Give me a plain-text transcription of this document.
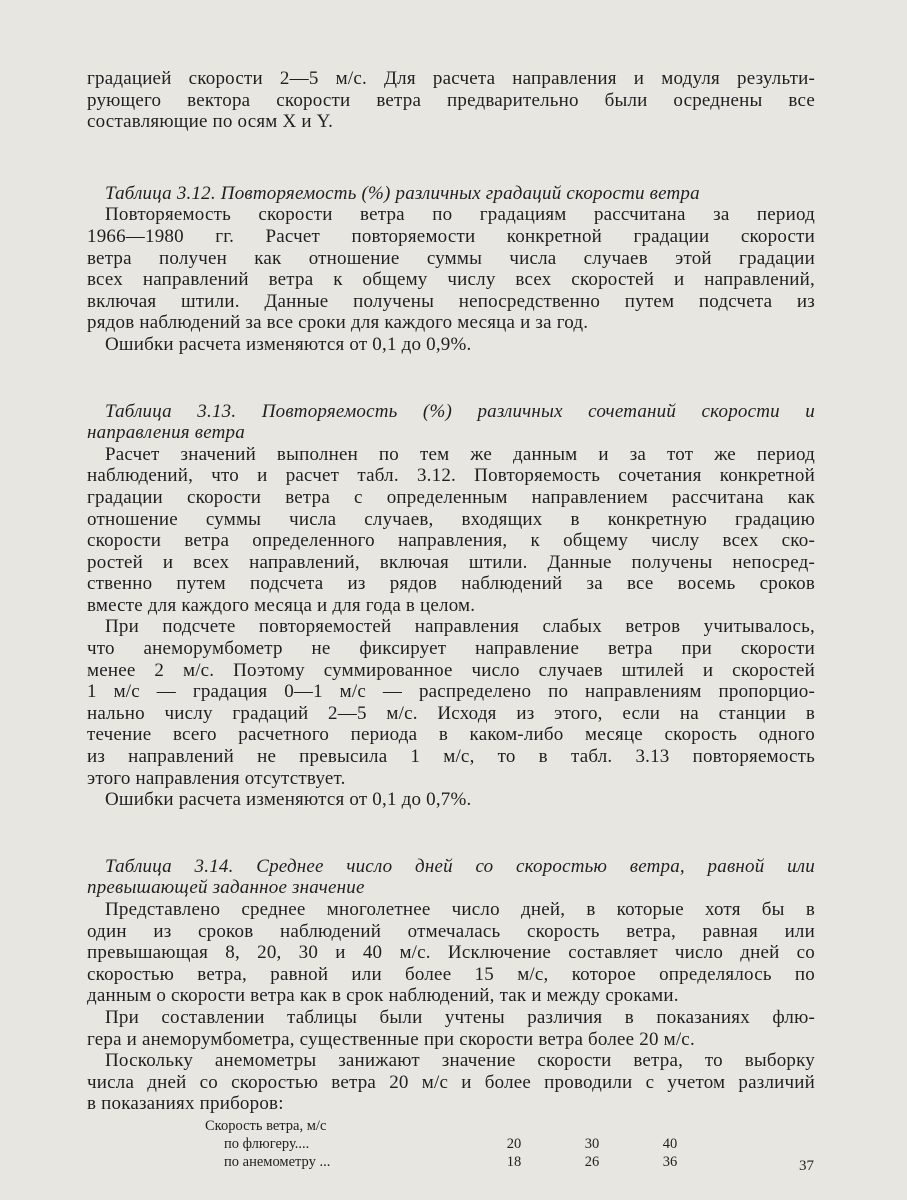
градацией скорости 2—5 м/с. Для расчета направления и модуля результи-
рующего вектора скорости ветра предварительно были осреднены все
составляющие по осям X и Y.
Таблица 3.12. Повторяемость (%) различных градаций скорости ветра
Повторяемость скорости ветра по градациям рассчитана за период
1966—1980 гг. Расчет повторяемости конкретной градации скорости
ветра получен как отношение суммы числа случаев этой градации
всех направлений ветра к общему числу всех скоростей и направлений,
включая штили. Данные получены непосредственно путем подсчета из
рядов наблюдений за все сроки для каждого месяца и за год.
Ошибки расчета изменяются от 0,1 до 0,9%.
Таблица 3.13. Повторяемость (%) различных сочетаний скорости и
направления ветра
Расчет значений выполнен по тем же данным и за тот же период
наблюдений, что и расчет табл. 3.12. Повторяемость сочетания конкретной
градации скорости ветра с определенным направлением рассчитана как
отношение суммы числа случаев, входящих в конкретную градацию
скорости ветра определенного направления, к общему числу всех ско-
ростей и всех направлений, включая штили. Данные получены непосред-
ственно путем подсчета из рядов наблюдений за все восемь сроков
вместе для каждого месяца и для года в целом.
При подсчете повторяемостей направления слабых ветров учитывалось,
что анеморумбометр не фиксирует направление ветра при скорости
менее 2 м/с. Поэтому суммированное число случаев штилей и скоростей
1 м/с — градация 0—1 м/с — распределено по направлениям пропорцио-
нально числу градаций 2—5 м/с. Исходя из этого, если на станции в
течение всего расчетного периода в каком-либо месяце скорость одного
из направлений не превысила 1 м/с, то в табл. 3.13 повторяемость
этого направления отсутствует.
Ошибки расчета изменяются от 0,1 до 0,7%.
Таблица 3.14. Среднее число дней со скоростью ветра, равной или
превышающей заданное значение
Представлено среднее многолетнее число дней, в которые хотя бы в
один из сроков наблюдений отмечалась скорость ветра, равная или
превышающая 8, 20, 30 и 40 м/с. Исключение составляет число дней со
скоростью ветра, равной или более 15 м/с, которое определялось по
данным о скорости ветра как в срок наблюдений, так и между сроками.
При составлении таблицы были учтены различия в показаниях флю-
гера и анеморумбометра, существенные при скорости ветра более 20 м/с.
Поскольку анемометры занижают значение скорости ветра, то выборку
числа дней со скоростью ветра 20 м/с и более проводили с учетом различий
в показаниях приборов:
Скорость ветра, м/с
по флюгеру....	20	30	40
по анемометру ...	18	26	36	37
